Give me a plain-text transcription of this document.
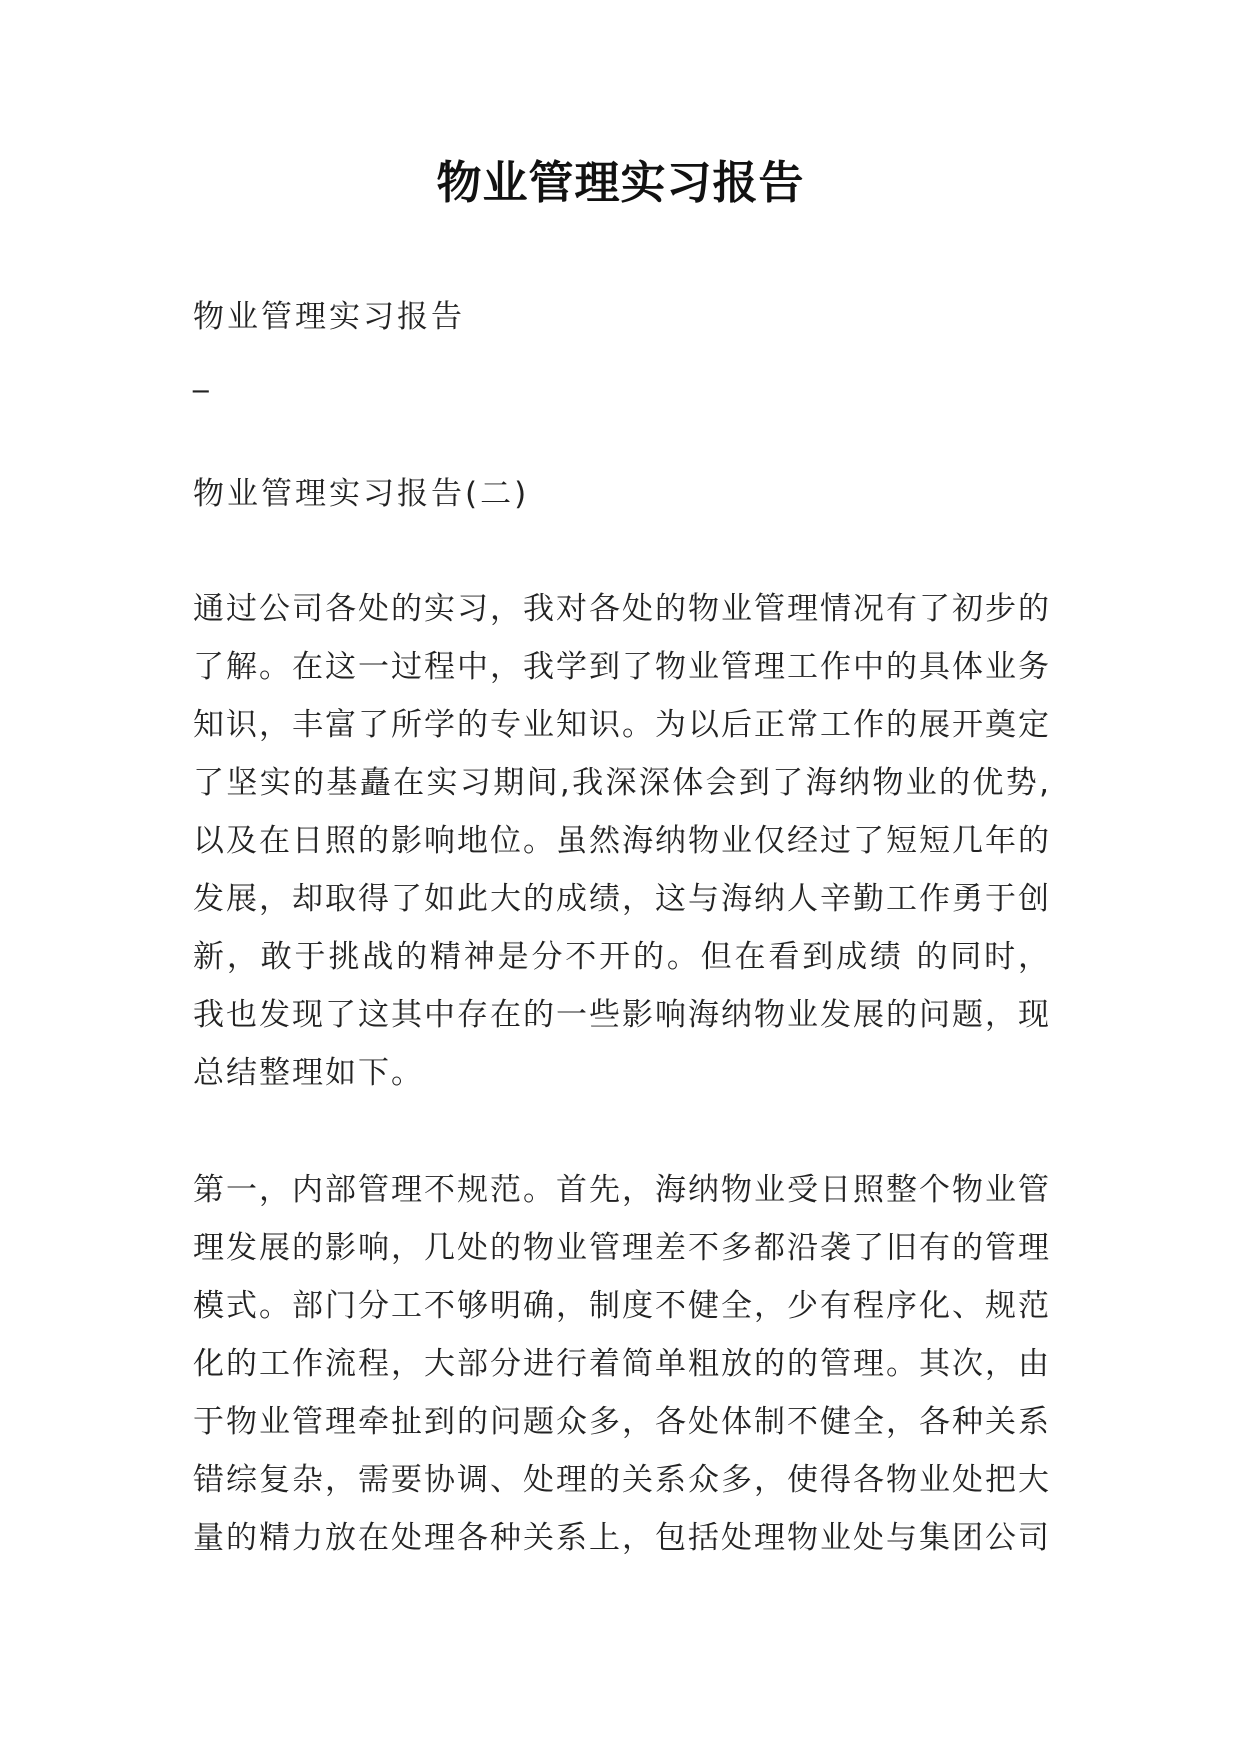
物业管理实习报告
物业管理实习报告
_
物业管理实习报告(二)
通过公司各处的实习，我对各处的物业管理情况有了初步的了解。在这一过程中，我学到了物业管理工作中的具体业务知识，丰富了所学的专业知识。为以后正常工作的展开奠定了坚实的基矗在实习期间,我深深体会到了海纳物业的优势,以及在日照的影响地位。虽然海纳物业仅经过了短短几年的发展，却取得了如此大的成绩，这与海纳人辛勤工作勇于创新，敢于挑战的精神是分不开的。但在看到成绩 的同时，我也发现了这其中存在的一些影响海纳物业发展的问题，现总结整理如下。
第一，内部管理不规范。首先，海纳物业受日照整个物业管理发展的影响，几处的物业管理差不多都沿袭了旧有的管理模式。部门分工不够明确，制度不健全，少有程序化、规范化的工作流程，大部分进行着简单粗放的的管理。其次，由于物业管理牵扯到的问题众多，各处体制不健全，各种关系错综复杂，需要协调、处理的关系众多，使得各物业处把大量的精力放在处理各种关系上，包括处理物业处与集团公司
